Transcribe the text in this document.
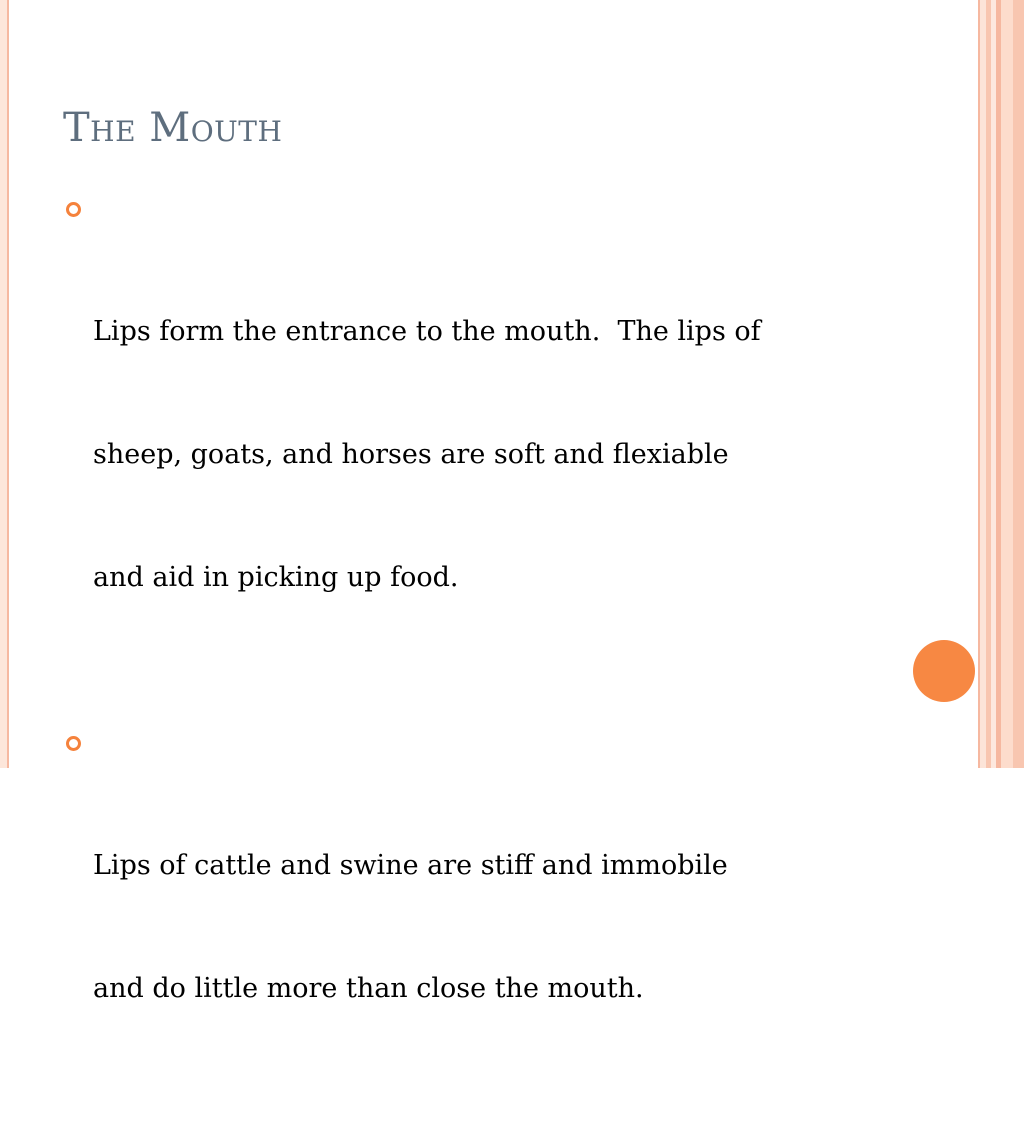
The Mouth

Lips form the entrance to the mouth.  The lips of

sheep, goats, and horses are soft and flexiable

and aid in picking up food.

Lips of cattle and swine are stiff and immobile

and do little more than close the mouth.
